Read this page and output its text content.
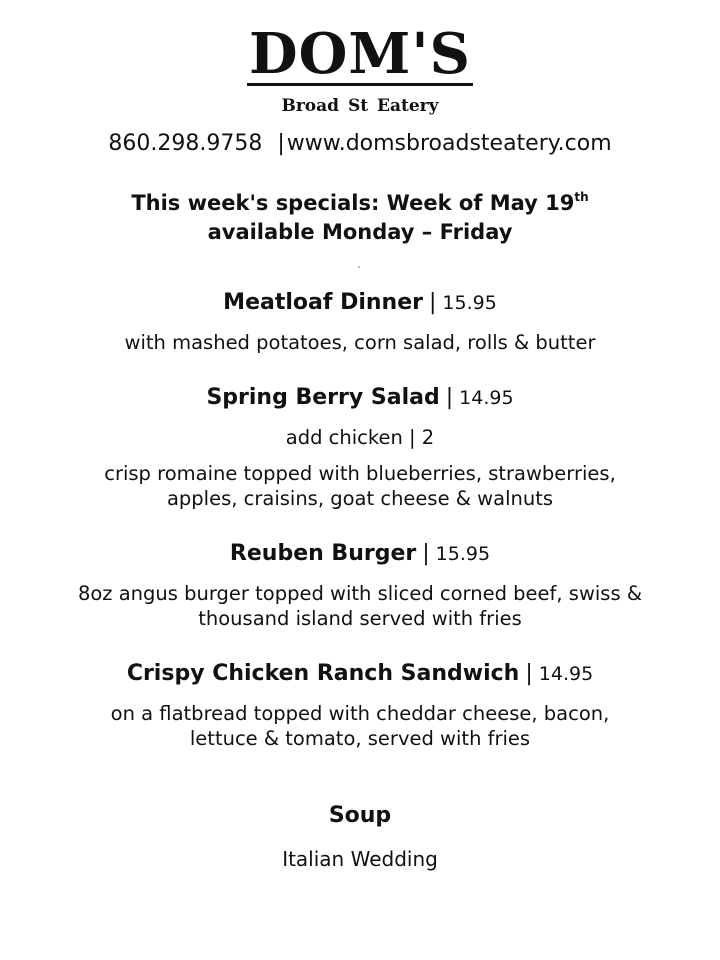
DOM'S
Broad St Eatery
860.298.9758 |www.domsbroadsteatery.com
This week's specials: Week of May 19th
available Monday – Friday
Meatloaf Dinner | 15.95
with mashed potatoes, corn salad, rolls & butter
Spring Berry Salad | 14.95
add chicken | 2
crisp romaine topped with blueberries, strawberries,
apples, craisins, goat cheese & walnuts
Reuben Burger | 15.95
8oz angus burger topped with sliced corned beef, swiss &
thousand island served with fries
Crispy Chicken Ranch Sandwich | 14.95
on a flatbread topped with cheddar cheese, bacon,
lettuce & tomato, served with fries
Soup
Italian Wedding
